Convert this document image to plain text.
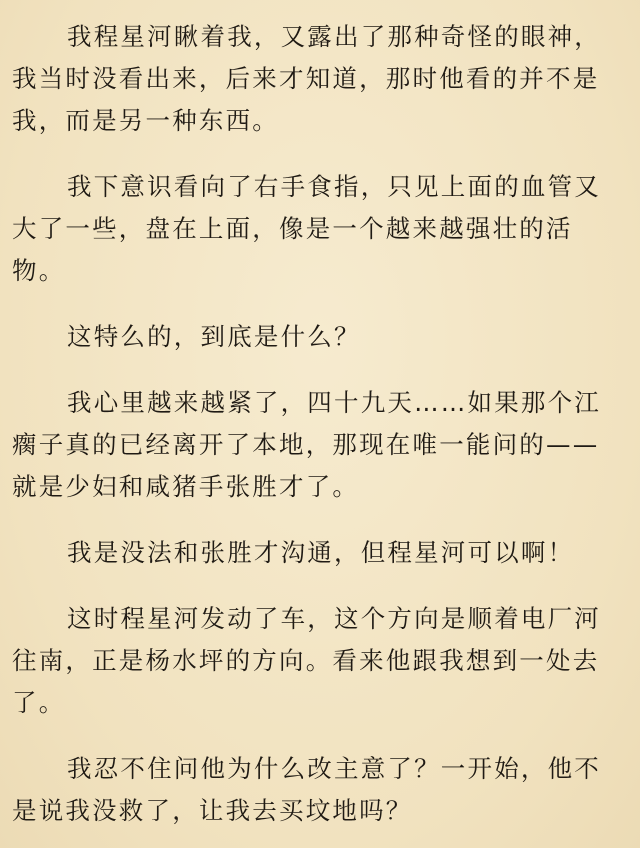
我程星河瞅着我，又露出了那种奇怪的眼神，
我当时没看出来，后来才知道，那时他看的并不是
我，而是另一种东西。
我下意识看向了右手食指，只见上面的血管又
大了一些，盘在上面，像是一个越来越强壮的活
物。
这特么的，到底是什么？
我心里越来越紧了，四十九天……如果那个江
瘸子真的已经离开了本地，那现在唯一能问的——
就是少妇和咸猪手张胜才了。
我是没法和张胜才沟通，但程星河可以啊！
这时程星河发动了车，这个方向是顺着电厂河
往南，正是杨水坪的方向。看来他跟我想到一处去
了。
我忍不住问他为什么改主意了？一开始，他不
是说我没救了，让我去买坟地吗？
